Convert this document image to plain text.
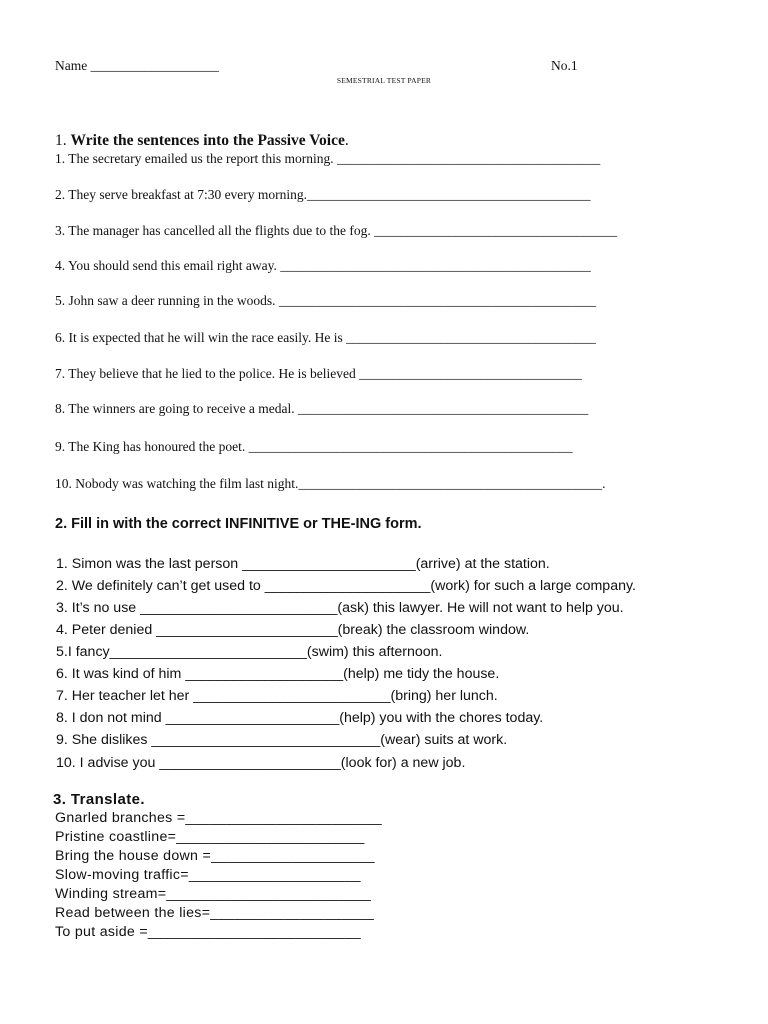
Name ___________________	No.1
SEMESTRIAL TEST PAPER
1. Write the sentences into the Passive Voice.
1. The secretary emailed us the report this morning. _______________________________________
2. They serve breakfast at 7:30 every morning.__________________________________________
3. The manager has cancelled all the flights due to the fog. ____________________________________
4. You should send this email right away. ______________________________________________
5. John saw a deer running in the woods. _______________________________________________
6. It is expected that he will win the race easily. He is _____________________________________
7. They believe that he lied to the police. He is believed _________________________________
8. The winners are going to receive a medal. ___________________________________________
9. The King has honoured the poet. ________________________________________________
10. Nobody was watching the film last night._____________________________________________.
2. Fill in with the correct INFINITIVE or THE-ING form.
1. Simon was the last person ______________________(arrive) at the station.
2. We definitely can’t get used to _____________________(work) for such a large company.
3. It’s no use _________________________(ask) this lawyer. He will not want to help you.
4. Peter denied _______________________(break) the classroom window.
5.I fancy_________________________(swim) this afternoon.
6. It was kind of him ____________________(help) me tidy the house.
7. Her teacher let her _________________________(bring) her lunch.
8. I don not mind ______________________(help) you with the chores today.
9. She dislikes _____________________________(wear) suits at work.
10. I advise you _______________________(look for) a new job.
3. Translate.
Gnarled branches =________________________
Pristine coastline=_______________________
Bring the house down =____________________
Slow-moving traffic=_____________________
Winding stream=_________________________
Read between the lies=____________________
To put aside =__________________________
